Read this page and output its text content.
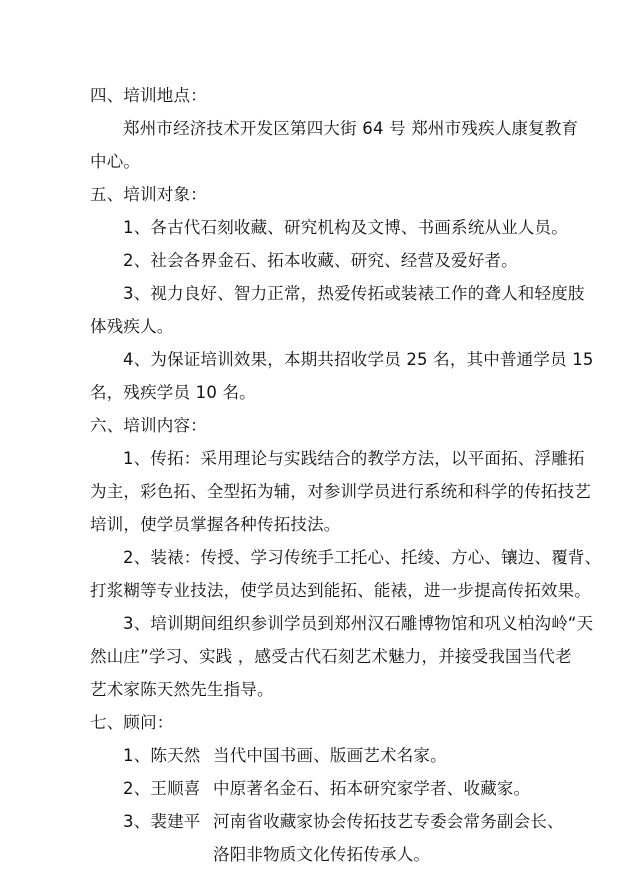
四、培训地点：
郑州市经济技术开发区第四大街 64 号 郑州市残疾人康复教育
中心。
五、培训对象：
1、各古代石刻收藏、研究机构及文博、书画系统从业人员。
2、社会各界金石、拓本收藏、研究、经营及爱好者。
3、视力良好、智力正常，热爱传拓或装裱工作的聋人和轻度肢
体残疾人。
4、为保证培训效果，本期共招收学员 25 名，其中普通学员 15
名，残疾学员 10 名。
六、培训内容：
1、传拓：采用理论与实践结合的教学方法，以平面拓、浮雕拓
为主，彩色拓、全型拓为辅，对参训学员进行系统和科学的传拓技艺
培训，使学员掌握各种传拓技法。
2、装裱：传授、学习传统手工托心、托绫、方心、镶边、覆背、
打浆糊等专业技法，使学员达到能拓、能裱，进一步提高传拓效果。
3、培训期间组织参训学员到郑州汉石雕博物馆和巩义柏沟岭“天
然山庄”学习、实践 ，感受古代石刻艺术魅力，并接受我国当代老
艺术家陈天然先生指导。
七、顾问：
1、陈天然 当代中国书画、版画艺术名家。
2、王顺喜 中原著名金石、拓本研究家学者、收藏家。
3、裴建平 河南省收藏家协会传拓技艺专委会常务副会长、
洛阳非物质文化传拓传承人。
